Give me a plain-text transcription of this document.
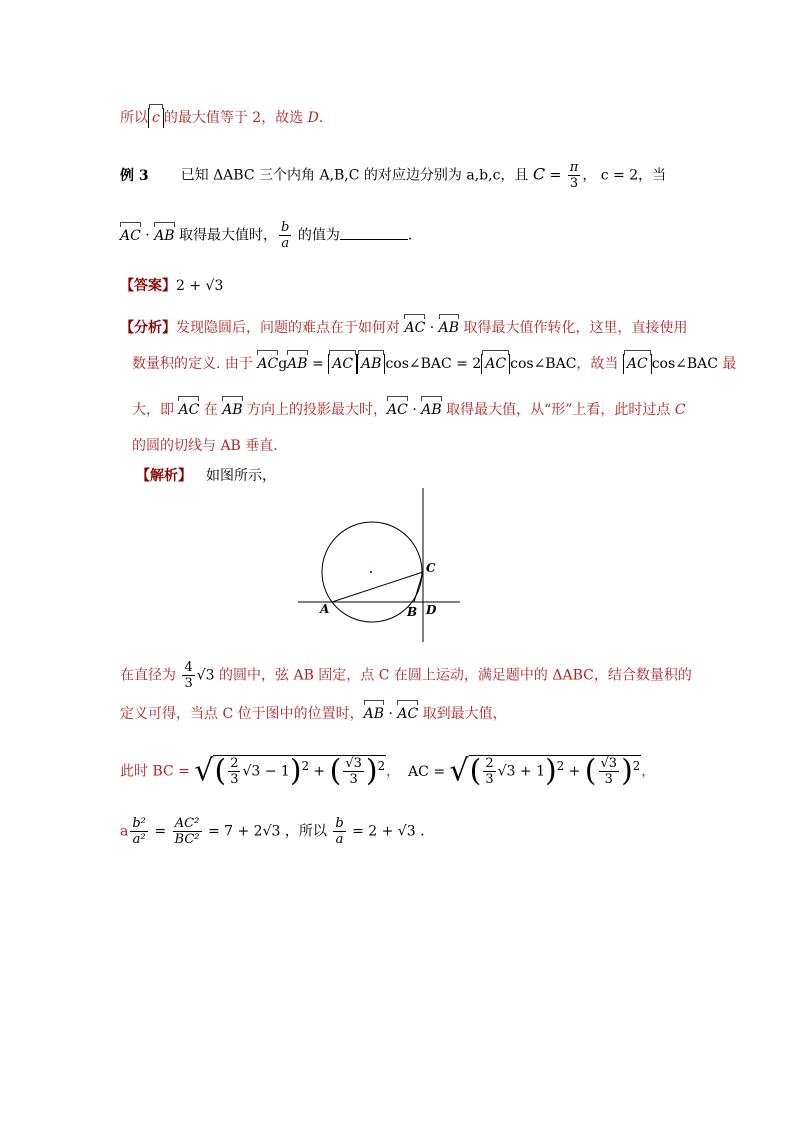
所以 c 的最大值等于 2，故选 D.
例 3 已知 ΔABC 三个内角 A,B,C 的对应边分别为 a,b,c，且 $C = \frac{\pi}{3}$ ， c = 2，当
AC · AB 取得最大值时， $\frac{b}{a}$ 的值为	.
【答案】2 + √3
【分析】发现隐圆后，问题的难点在于如何对 AC · AB 取得最大值作转化，这里，直接使用
数量积的定义. 由于 ACgAB = AC AB cos∠BAC = 2 AC cos∠BAC，故当 AC cos∠BAC 最
大，即 AC 在 AB 方向上的投影最大时，AC · AB 取得最大值，从“形”上看，此时过点 C
的圆的切线与 AB 垂直.
【解析】 如图所示，
A	B
C
D
在直径为 $\frac{4}{3} √3$ 的圆中，弦 AB 固定，点 C 在圆上运动，满足题中的 ΔABC，结合数量积的
定义可得，当点 C 位于图中的位置时，AB · AC 取到最大值，
此时 BC = √( $\frac{2}{3} √3 - 1)^2$ + ( $\frac{√3}{3} )^2$， AC = √( $\frac{2}{3} √3 + 1)^2$ + ( $\frac{√3}{3} )^2$，
a $\frac{\text{b²}}{\text{a²}} = \frac{\text{AC²}}{\text{BC²}} = 7 + 2√3$ ，所以 $\frac{b}{a} = 2 + √3$ .
